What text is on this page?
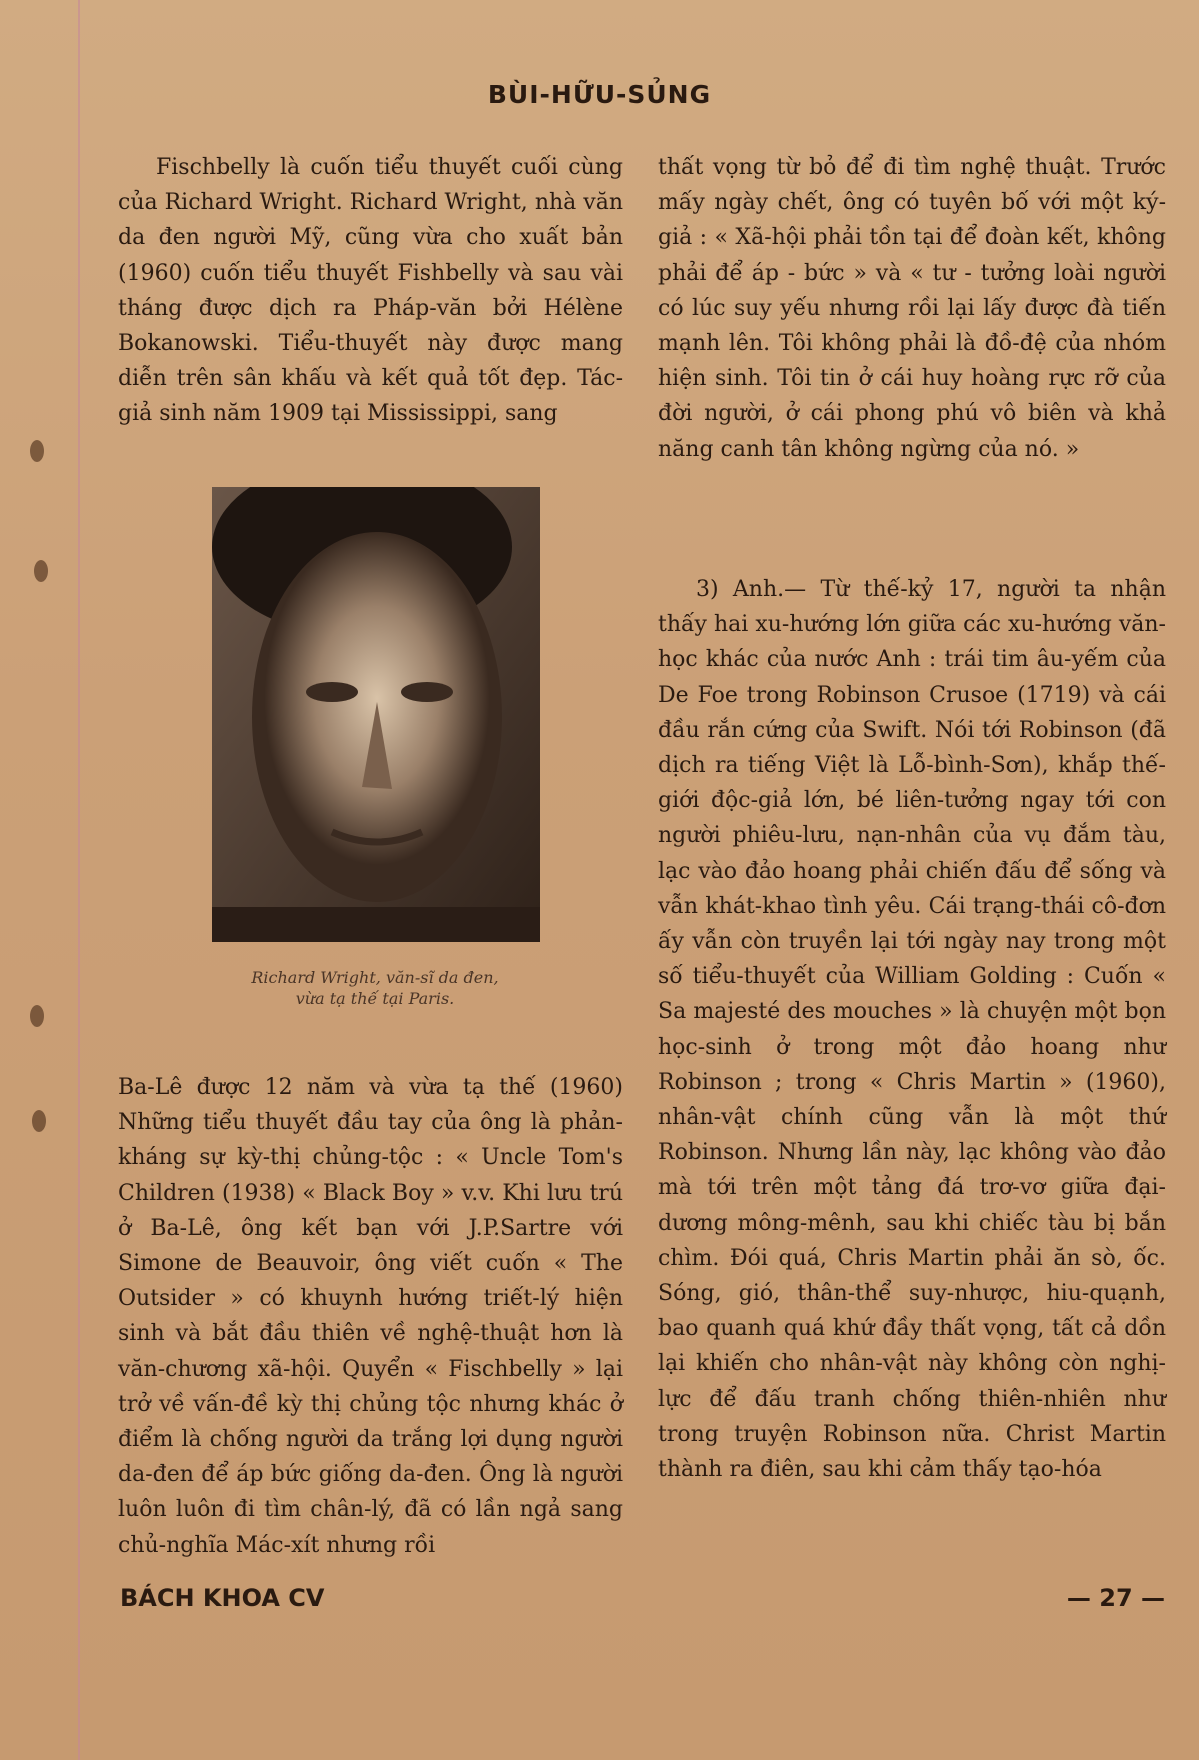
BÙI-HỮU-SỦNG

Fischbelly là cuốn tiểu thuyết cuối cùng của Richard Wright. Richard Wright, nhà văn da đen người Mỹ, cũng vừa cho xuất bản (1960) cuốn tiểu thuyết Fishbelly và sau vài tháng được dịch ra Pháp-văn bởi Hélène Bokanowski. Tiểu-thuyết này được mang diễn trên sân khấu và kết quả tốt đẹp. Tác-giả sinh năm 1909 tại Mississippi, sang

Richard Wright, văn-sĩ da đen,
vừa tạ thế tại Paris.

Ba-Lê được 12 năm và vừa tạ thế (1960) Những tiểu thuyết đầu tay của ông là phản-kháng sự kỳ-thị chủng-tộc : « Uncle Tom's Children (1938) « Black Boy » v.v. Khi lưu trú ở Ba-Lê, ông kết bạn với J.P.Sartre với Simone de Beauvoir, ông viết cuốn « The Outsider » có khuynh hướng triết-lý hiện sinh và bắt đầu thiên về nghệ-thuật hơn là văn-chương xã-hội. Quyển « Fischbelly » lại trở về vấn-đề kỳ thị chủng tộc nhưng khác ở điểm là chống người da trắng lợi dụng người da-đen để áp bức giống da-đen. Ông là người luôn luôn đi tìm chân-lý, đã có lần ngả sang chủ-nghĩa Mác-xít nhưng rồi

thất vọng từ bỏ để đi tìm nghệ thuật. Trước mấy ngày chết, ông có tuyên bố với một ký-giả : « Xã-hội phải tồn tại để đoàn kết, không phải để áp - bức » và « tư - tưởng loài người có lúc suy yếu nhưng rồi lại lấy được đà tiến mạnh lên. Tôi không phải là đồ-đệ của nhóm hiện sinh. Tôi tin ở cái huy hoàng rực rỡ của đời người, ở cái phong phú vô biên và khả năng canh tân không ngừng của nó. »

3) Anh.— Từ thế-kỷ 17, người ta nhận thấy hai xu-hướng lớn giữa các xu-hướng văn-học khác của nước Anh : trái tim âu-yếm của De Foe trong Robinson Crusoe (1719) và cái đầu rắn cứng của Swift. Nói tới Robinson (đã dịch ra tiếng Việt là Lỗ-bình-Sơn), khắp thế-giới độc-giả lớn, bé liên-tưởng ngay tới con người phiêu-lưu, nạn-nhân của vụ đắm tàu, lạc vào đảo hoang phải chiến đấu để sống và vẫn khát-khao tình yêu. Cái trạng-thái cô-đơn ấy vẫn còn truyền lại tới ngày nay trong một số tiểu-thuyết của William Golding : Cuốn « Sa majesté des mouches » là chuyện một bọn học-sinh ở trong một đảo hoang như Robinson ; trong « Chris Martin » (1960), nhân-vật chính cũng vẫn là một thứ Robinson. Nhưng lần này, lạc không vào đảo mà tới trên một tảng đá trơ-vơ giữa đại-dương mông-mênh, sau khi chiếc tàu bị bắn chìm. Đói quá, Chris Martin phải ăn sò, ốc. Sóng, gió, thân-thể suy-nhược, hiu-quạnh, bao quanh quá khứ đầy thất vọng, tất cả dồn lại khiến cho nhân-vật này không còn nghị-lực để đấu tranh chống thiên-nhiên như trong truyện Robinson nữa. Christ Martin thành ra điên, sau khi cảm thấy tạo-hóa

BÁCH KHOA CV	— 27 —
